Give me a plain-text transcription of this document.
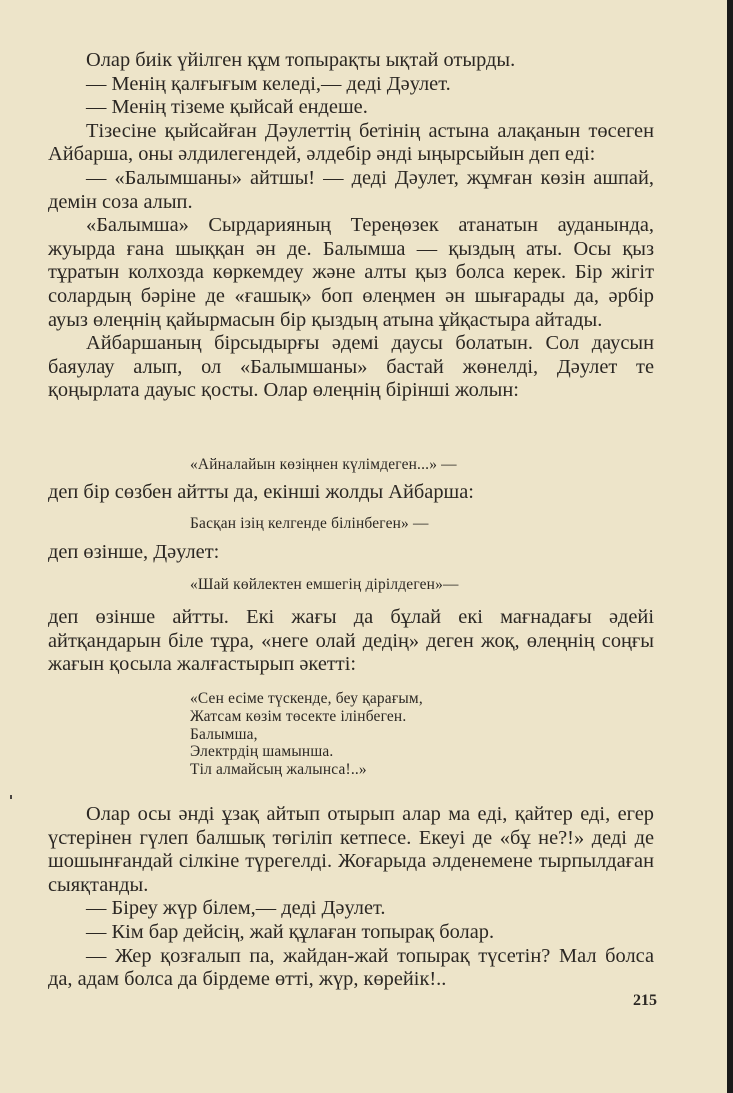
Олар биік үйілген құм топырақты ықтай отырды.

— Менің қалғығым келеді,— деді Дәулет.

— Менің тіземе қыйсай ендеше.

Тізесіне қыйсайған Дәулеттің бетінің астына алақанын төсеген Айбарша, оны әлдилегендей, әлдебір әнді ыңырсыйын деп еді:

— «Балымшаны» айтшы! — деді Дәулет, жұмған көзін ашпай, демін соза алып.

«Балымша» Сырдарияның Тереңөзек атанатын ауданында, жуырда ғана шыққан ән де. Балымша — қыздың аты. Осы қыз тұратын колхозда көркемдеу және алты қыз болса керек. Бір жігіт солардың бәріне де «ғашық» боп өлеңмен ән шығарады да, әрбір ауыз өлеңнің қайырмасын бір қыздың атына ұйқастыра айтады.

Айбаршаның бірсыдырғы әдемі даусы болатын. Сол даусын баяулау алып, ол «Балымшаны» бастай жөнелді, Дәулет те қоңырлата дауыс қосты. Олар өлеңнің бірінші жолын:

«Айналайын көзіңнен күлімдеген...» —

деп бір сөзбен айтты да, екінші жолды Айбарша:

Басқан ізің келгенде білінбеген» —

деп өзінше, Дәулет:

«Шай көйлектен емшегің дірілдеген»—

деп өзінше айтты. Екі жағы да бұлай екі мағнадағы әдейі айтқандарын біле тұра, «неге олай дедің» деген жоқ, өлеңнің соңғы жағын қосыла жалғастырып әкетті:

«Сен есіме түскенде, беу қарағым,
Жатсам көзім төсекте ілінбеген.
Балымша,
Электрдің шамынша.
Тіл алмайсың жалынса!..»

Олар осы әнді ұзақ айтып отырып алар ма еді, қайтер еді, егер үстерінен гүлеп балшық төгіліп кетпесе. Екеуі де «бұ не?!» деді де шошынғандай сілкіне түрегелді. Жоғарыда әлденемене тырпылдаған сыяқтанды.

— Біреу жүр білем,— деді Дәулет.

— Кім бар дейсің, жай құлаған топырақ болар.

— Жер қозғалып па, жайдан-жай топырақ түсетін? Мал болса да, адам болса да бірдеме өтті, жүр, көрейік!..

215
